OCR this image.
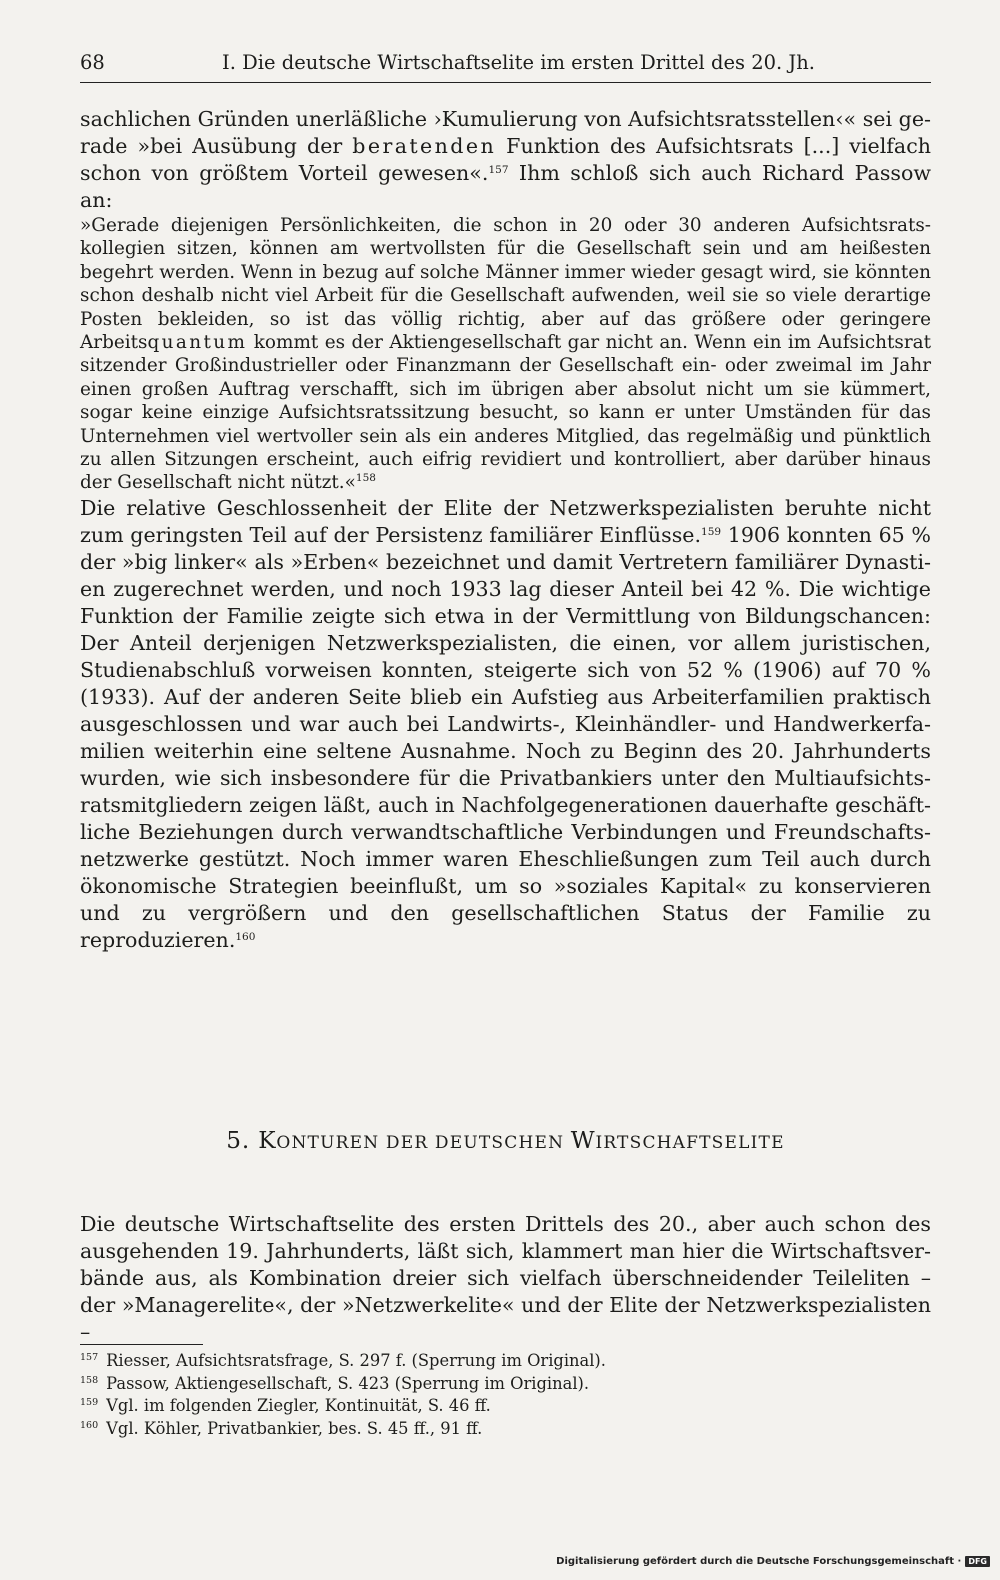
68	I. Die deutsche Wirtschaftselite im ersten Drittel des 20. Jh.

sachlichen Gründen unerläßliche ›Kumulierung von Aufsichtsratsstellen‹« sei gerade »bei Ausübung der beratenden Funktion des Aufsichtsrats [...] vielfach schon von größtem Vorteil gewesen«.$^{157}$ Ihm schloß sich auch Richard Passow an:

»Gerade diejenigen Persönlichkeiten, die schon in 20 oder 30 anderen Aufsichtsratskollegien sitzen, können am wertvollsten für die Gesellschaft sein und am heißesten begehrt werden. Wenn in bezug auf solche Männer immer wieder gesagt wird, sie könnten schon deshalb nicht viel Arbeit für die Gesellschaft aufwenden, weil sie so viele derartige Posten bekleiden, so ist das völlig richtig, aber auf das größere oder geringere Arbeitsquantum kommt es der Aktiengesellschaft gar nicht an. Wenn ein im Aufsichtsrat sitzender Großindustrieller oder Finanzmann der Gesellschaft ein- oder zweimal im Jahr einen großen Auftrag verschafft, sich im übrigen aber absolut nicht um sie kümmert, sogar keine einzige Aufsichtsratssitzung besucht, so kann er unter Umständen für das Unternehmen viel wertvoller sein als ein anderes Mitglied, das regelmäßig und pünktlich zu allen Sitzungen erscheint, auch eifrig revidiert und kontrolliert, aber darüber hinaus der Gesellschaft nicht nützt.«$^{158}$

Die relative Geschlossenheit der Elite der Netzwerkspezialisten beruhte nicht zum geringsten Teil auf der Persistenz familiärer Einflüsse.$^{159}$ 1906 konnten 65 % der »big linker« als »Erben« bezeichnet und damit Vertretern familiärer Dynastien zugerechnet werden, und noch 1933 lag dieser Anteil bei 42 %. Die wichtige Funktion der Familie zeigte sich etwa in der Vermittlung von Bildungschancen: Der Anteil derjenigen Netzwerkspezialisten, die einen, vor allem juristischen, Studienabschluß vorweisen konnten, steigerte sich von 52 % (1906) auf 70 % (1933). Auf der anderen Seite blieb ein Aufstieg aus Arbeiterfamilien praktisch ausgeschlossen und war auch bei Landwirts-, Kleinhändler- und Handwerkerfamilien weiterhin eine seltene Ausnahme. Noch zu Beginn des 20. Jahrhunderts wurden, wie sich insbesondere für die Privatbankiers unter den Multiaufsichtsratsmitgliedern zeigen läßt, auch in Nachfolgegenerationen dauerhafte geschäftliche Beziehungen durch verwandtschaftliche Verbindungen und Freundschaftsnetzwerke gestützt. Noch immer waren Eheschließungen zum Teil auch durch ökonomische Strategien beeinflußt, um so »soziales Kapital« zu konservieren und zu vergrößern und den gesellschaftlichen Status der Familie zu reproduzieren.$^{160}$

5. KONTUREN DER DEUTSCHEN WIRTSCHAFTSELITE

Die deutsche Wirtschaftselite des ersten Drittels des 20., aber auch schon des ausgehenden 19. Jahrhunderts, läßt sich, klammert man hier die Wirtschaftsverbände aus, als Kombination dreier sich vielfach überschneidender Teileliten – der »Managerelite«, der »Netzwerkelite« und der Elite der Netzwerkspezialisten –

$^{157}$ Riesser, Aufsichtsratsfrage, S. 297 f. (Sperrung im Original).
$^{158}$ Passow, Aktiengesellschaft, S. 423 (Sperrung im Original).
$^{159}$ Vgl. im folgenden Ziegler, Kontinuität, S. 46 ff.
$^{160}$ Vgl. Köhler, Privatbankier, bes. S. 45 ff., 91 ff.
Digitalisierung gefördert durch die Deutsche Forschungsgemeinschaft · DFG
